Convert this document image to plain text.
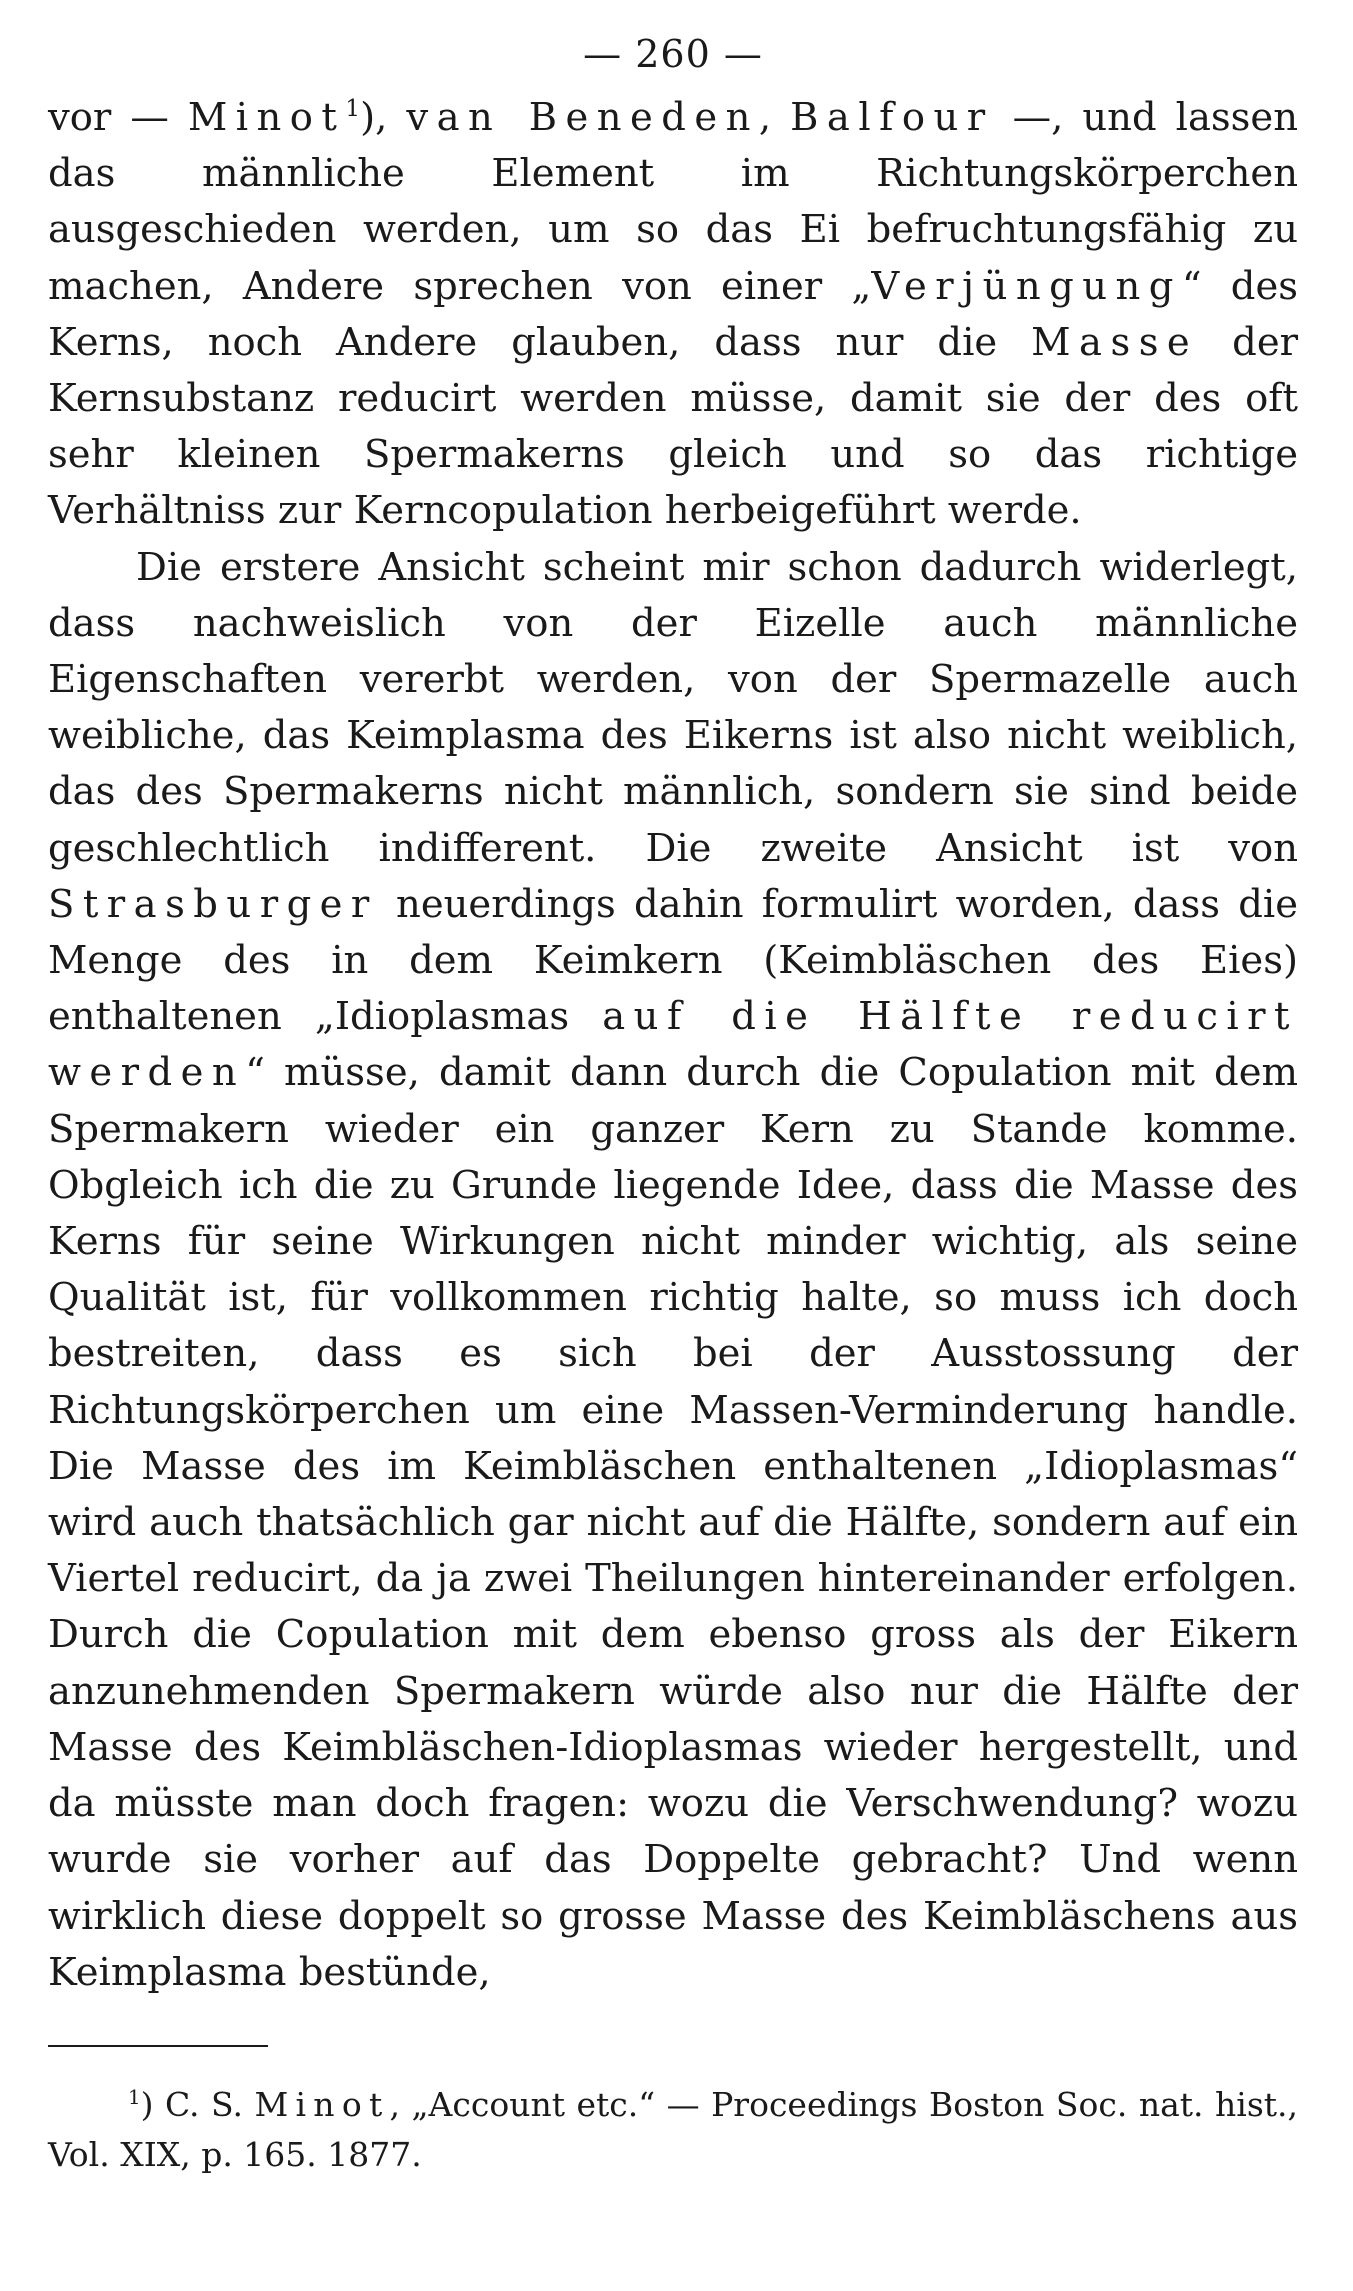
— 260 —

vor — Minot$^1$), van Beneden, Balfour —, und lassen das männliche Element im Richtungskörperchen ausgeschieden werden, um so das Ei befruchtungsfähig zu machen, Andere sprechen von einer „Verjüngung“ des Kerns, noch Andere glauben, dass nur die Masse der Kernsubstanz reducirt werden müsse, damit sie der des oft sehr kleinen Spermakerns gleich und so das richtige Verhältniss zur Kerncopulation herbeigeführt werde.

Die erstere Ansicht scheint mir schon dadurch widerlegt, dass nachweislich von der Eizelle auch männliche Eigenschaften vererbt werden, von der Spermazelle auch weibliche, das Keimplasma des Eikerns ist also nicht weiblich, das des Spermakerns nicht männlich, sondern sie sind beide geschlechtlich indifferent. Die zweite Ansicht ist von Strasburger neuerdings dahin formulirt worden, dass die Menge des in dem Keimkern (Keimbläschen des Eies) enthaltenen „Idioplasmas auf die Hälfte reducirt werden“ müsse, damit dann durch die Copulation mit dem Spermakern wieder ein ganzer Kern zu Stande komme. Obgleich ich die zu Grunde liegende Idee, dass die Masse des Kerns für seine Wirkungen nicht minder wichtig, als seine Qualität ist, für vollkommen richtig halte, so muss ich doch bestreiten, dass es sich bei der Ausstossung der Richtungskörperchen um eine Massen-Verminderung handle. Die Masse des im Keimbläschen enthaltenen „Idioplasmas“ wird auch thatsächlich gar nicht auf die Hälfte, sondern auf ein Viertel reducirt, da ja zwei Theilungen hintereinander erfolgen. Durch die Copulation mit dem ebenso gross als der Eikern anzunehmenden Spermakern würde also nur die Hälfte der Masse des Keimbläschen-Idioplasmas wieder hergestellt, und da müsste man doch fragen: wozu die Verschwendung? wozu wurde sie vorher auf das Doppelte gebracht? Und wenn wirklich diese doppelt so grosse Masse des Keimbläschens aus Keimplasma bestünde,

$^1$) C. S. Minot, „Account etc.“ — Proceedings Boston Soc. nat. hist., Vol. XIX, p. 165. 1877.
